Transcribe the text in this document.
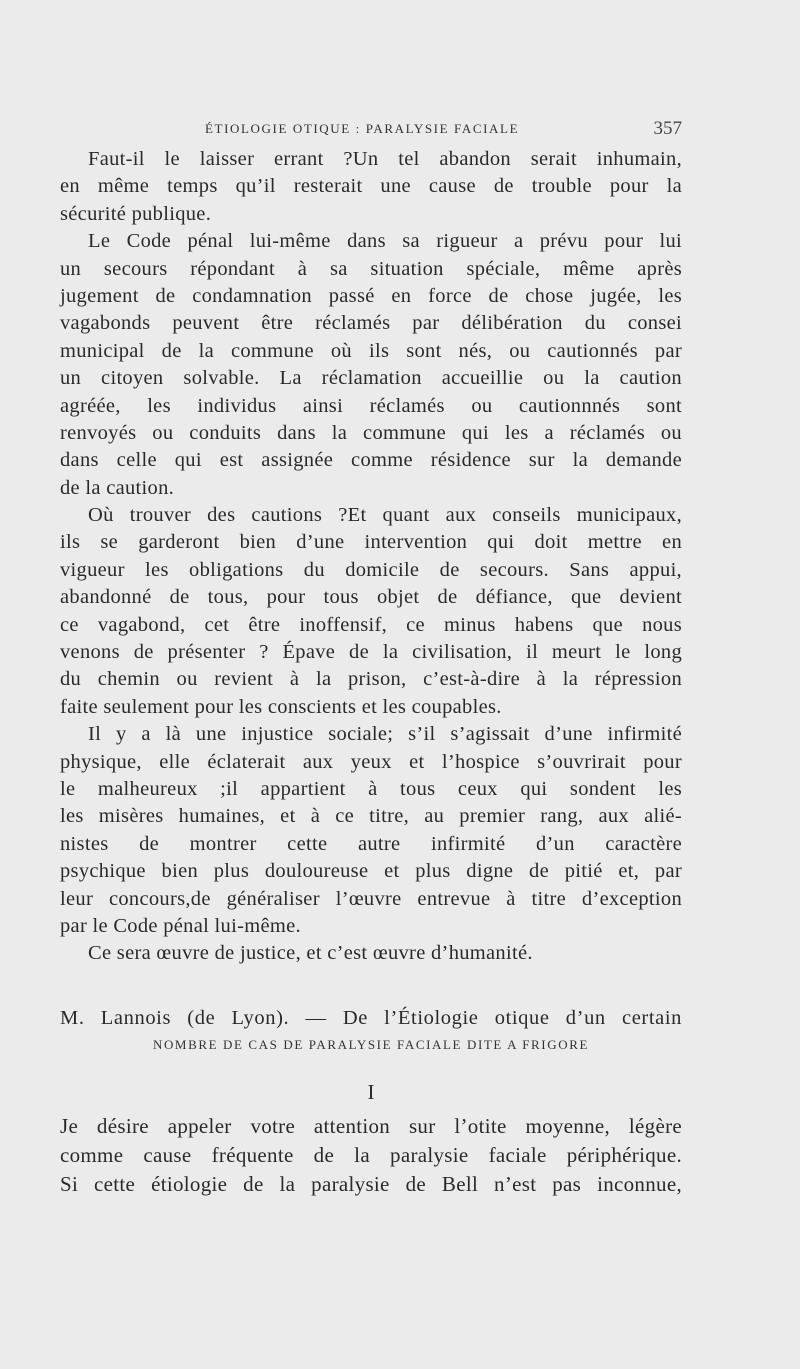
ÉTIOLOGIE OTIQUE : PARALYSIE FACIALE	357
Faut-il le laisser errant ?Un tel abandon serait inhumain,
en même temps qu’il resterait une cause de trouble pour la
sécurité publique.
Le Code pénal lui-même dans sa rigueur a prévu pour lui
un secours répondant à sa situation spéciale, même après
jugement de condamnation passé en force de chose jugée, les
vagabonds peuvent être réclamés par délibération du consei
municipal de la commune où ils sont nés, ou cautionnés par
un citoyen solvable. La réclamation accueillie ou la caution
agréée, les individus ainsi réclamés ou cautionnnés sont
renvoyés ou conduits dans la commune qui les a réclamés ou
dans celle qui est assignée comme résidence sur la demande
de la caution.
Où trouver des cautions ?Et quant aux conseils municipaux,
ils se garderont bien d’une intervention qui doit mettre en
vigueur les obligations du domicile de secours. Sans appui,
abandonné de tous, pour tous objet de défiance, que devient
ce vagabond, cet être inoffensif, ce minus habens que nous
venons de présenter ? Épave de la civilisation, il meurt le long
du chemin ou revient à la prison, c’est-à-dire à la répression
faite seulement pour les conscients et les coupables.
Il y a là une injustice sociale; s’il s’agissait d’une infirmité
physique, elle éclaterait aux yeux et l’hospice s’ouvrirait pour
le malheureux ;il appartient à tous ceux qui sondent les
les misères humaines, et à ce titre, au premier rang, aux alié-
nistes de montrer cette autre infirmité d’un caractère
psychique bien plus douloureuse et plus digne de pitié et, par
leur concours,de généraliser l’œuvre entrevue à titre d’exception
par le Code pénal lui-même.
Ce sera œuvre de justice, et c’est œuvre d’humanité.
M. Lannois (de Lyon). — De l’Étiologie otique d’un certain
NOMBRE DE CAS DE PARALYSIE FACIALE DITE A FRIGORE
I
Je désire appeler votre attention sur l’otite moyenne, légère
comme cause fréquente de la paralysie faciale périphérique.
Si cette étiologie de la paralysie de Bell n’est pas inconnue,
